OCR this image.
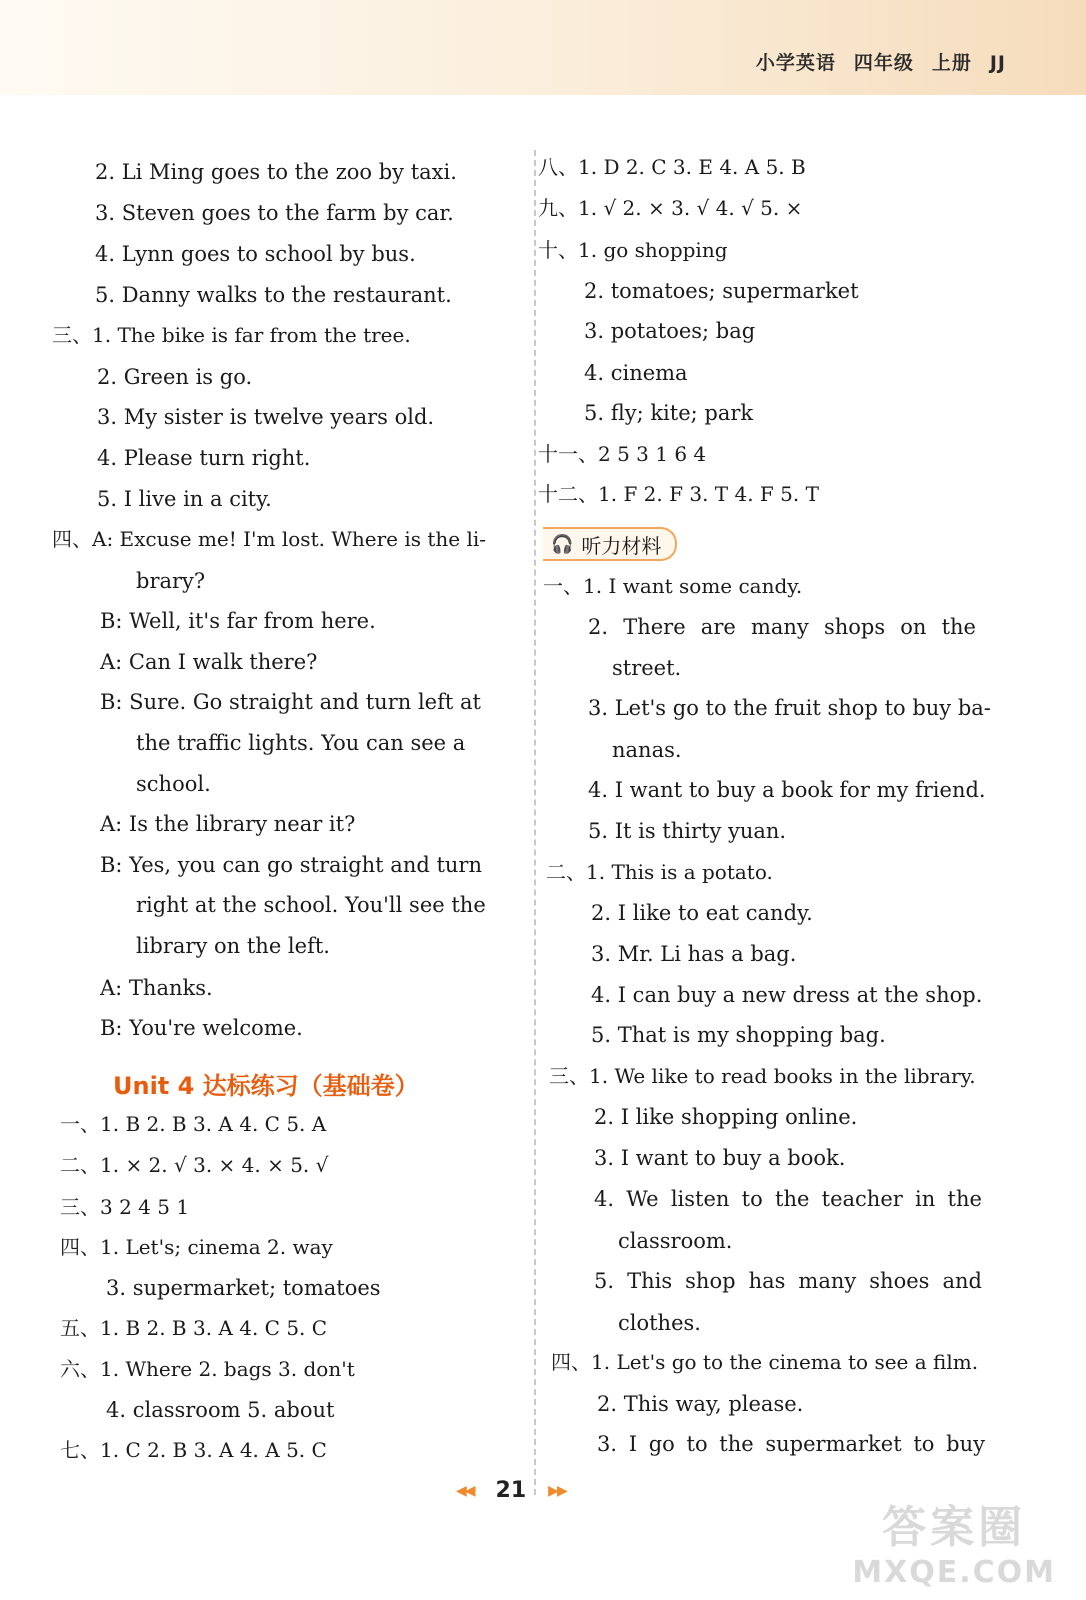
小学英语 四年级 上册 JJ
2. Li Ming goes to the zoo by taxi.
3. Steven goes to the farm by car.
4. Lynn goes to school by bus.
5. Danny walks to the restaurant.
三、1. The bike is far from the tree.
2. Green is go.
3. My sister is twelve years old.
4. Please turn right.
5. I live in a city.
四、A: Excuse me! I'm lost. Where is the li-
brary?
B: Well, it's far from here.
A: Can I walk there?
B: Sure. Go straight and turn left at
the traffic lights. You can see a
school.
A: Is the library near it?
B: Yes, you can go straight and turn
right at the school. You'll see the
library on the left.
A: Thanks.
B: You're welcome.
Unit 4 达标练习（基础卷）
一、1. B 2. B 3. A 4. C 5. A
二、1. × 2. √ 3. × 4. × 5. √
三、3 2 4 5 1
四、1. Let's; cinema 2. way
3. supermarket; tomatoes
五、1. B 2. B 3. A 4. C 5. C
六、1. Where 2. bags 3. don't
4. classroom 5. about
七、1. C 2. B 3. A 4. A 5. C
八、1. D 2. C 3. E 4. A 5. B
九、1. √ 2. × 3. √ 4. √ 5. ×
十、1. go shopping
2. tomatoes; supermarket
3. potatoes; bag
4. cinema
5. fly; kite; park
十一、2 5 3 1 6 4
十二、1. F 2. F 3. T 4. F 5. T
🎧 听力材料
一、1. I want some candy.
2. There are many shops on the
street.
3. Let's go to the fruit shop to buy ba-
nanas.
4. I want to buy a book for my friend.
5. It is thirty yuan.
二、1. This is a potato.
2. I like to eat candy.
3. Mr. Li has a bag.
4. I can buy a new dress at the shop.
5. That is my shopping bag.
三、1. We like to read books in the library.
2. I like shopping online.
3. I want to buy a book.
4. We listen to the teacher in the
classroom.
5. This shop has many shoes and
clothes.
四、1. Let's go to the cinema to see a film.
2. This way, please.
3. I go to the supermarket to buy
◀◀ 21 ▶▶
答案圈
MXQE.COM
